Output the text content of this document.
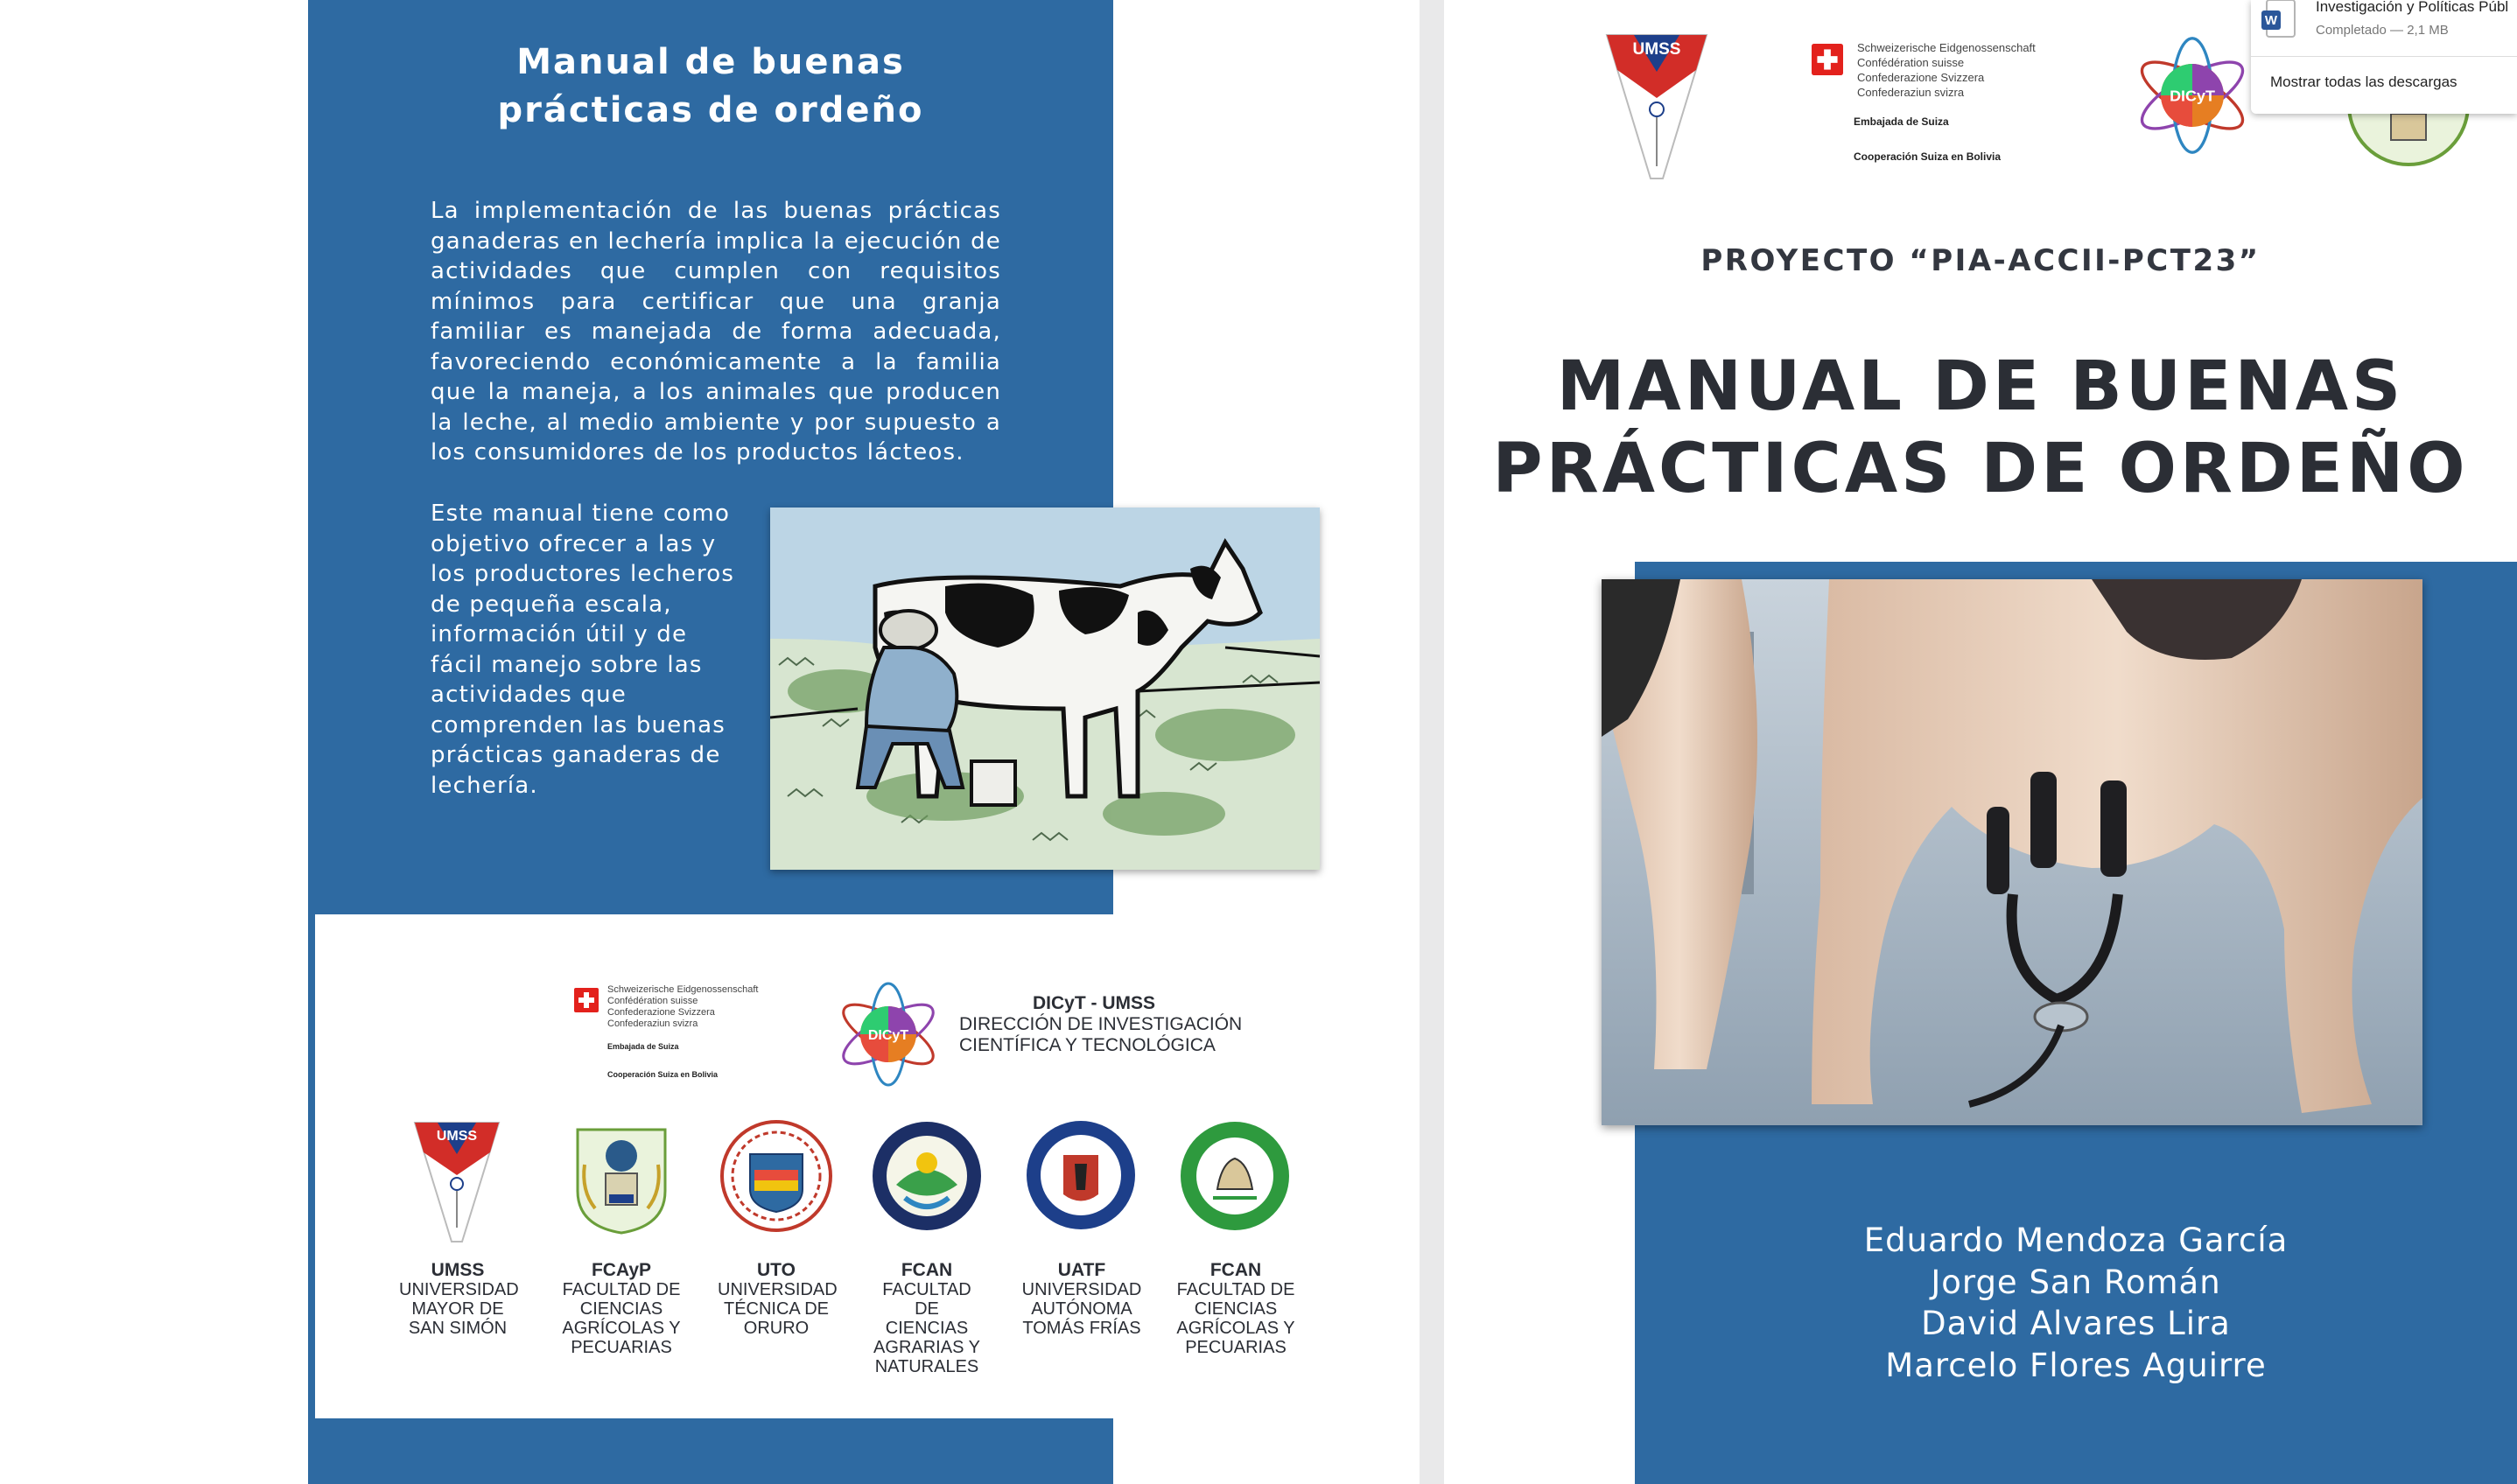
Proyecto:
Valoración e implementación de las buenas prácticas ganaderas en lechería, como estrategia frente al cambio climático en los valles de Cochabamba y zonas alto andinas de Oruro y Potosí. PIA-ACCII-PCT23
Ejecutado por:
Facultad de Ciencias Agrícolas, Pecuarias y Forestales (FCAPyF) de la Universidad Mayor de San Simón (UMSS)
Financiado por:
Proyecto de investigación aplicada para la adaptación al cambio climático (PIA-ACC) FASE II, de la Embajada y cooperación Suiza en Bolivia. A través de la Dirección de Investigación Científica y Tecnológica (DICyT) de la Universidad Mayor de San Simón.
Manual de buenas
prácticas de ordeño
La implementación de las buenas prácticas ganaderas en lechería implica la ejecución de actividades que cumplen con requisitos mínimos para certificar que una granja familiar es manejada de forma adecuada, favoreciendo económicamente a la familia que la maneja, a los animales que producen la leche, al medio ambiente y por supuesto a los consumidores de los productos lácteos.
Este manual tiene como objetivo ofrecer a las y los productores lecheros de pequeña escala, información útil y de fácil manejo sobre las actividades que comprenden las buenas prácticas ganaderas de lechería.
Schweizerische Eidgenossenschaft
Confédération suisse
Confederazione Svizzera
Confederaziun svizra
Embajada de Suiza
Cooperación Suiza en Bolivia
DICyT
DICyT - UMSS
DIRECCIÓN DE INVESTIGACIÓN
CIENTÍFICA Y TECNOLÓGICA
UMSS
UMSS
UNIVERSIDAD
MAYOR DE
SAN SIMÓN
FCAyP
FACULTAD DE
CIENCIAS
AGRÍCOLAS Y
PECUARIAS
UTO
UNIVERSIDAD
TÉCNICA DE
ORURO
FCAN
FACULTAD DE
CIENCIAS
AGRARIAS Y
NATURALES
UATF
UNIVERSIDAD
AUTÓNOMA
TOMÁS FRÍAS
FCAN
FACULTAD DE
CIENCIAS
AGRÍCOLAS Y
PECUARIAS
UMSS	Schweizerische Eidgenossenschaft
Confédération suisse
Confederazione Svizzera
Confederaziun svizra
Embajada de Suiza
Cooperación Suiza en Bolivia
DICyT
PROYECTO “PIA-ACCII-PCT23”
MANUAL DE BUENAS
PRÁCTICAS DE ORDEÑO
Eduardo Mendoza García
Jorge San Román
David Alvares Lira
Marcelo Flores Aguirre
W
Investigación y Políticas Públ
Completado — 2,1 MB
Mostrar todas las descargas
